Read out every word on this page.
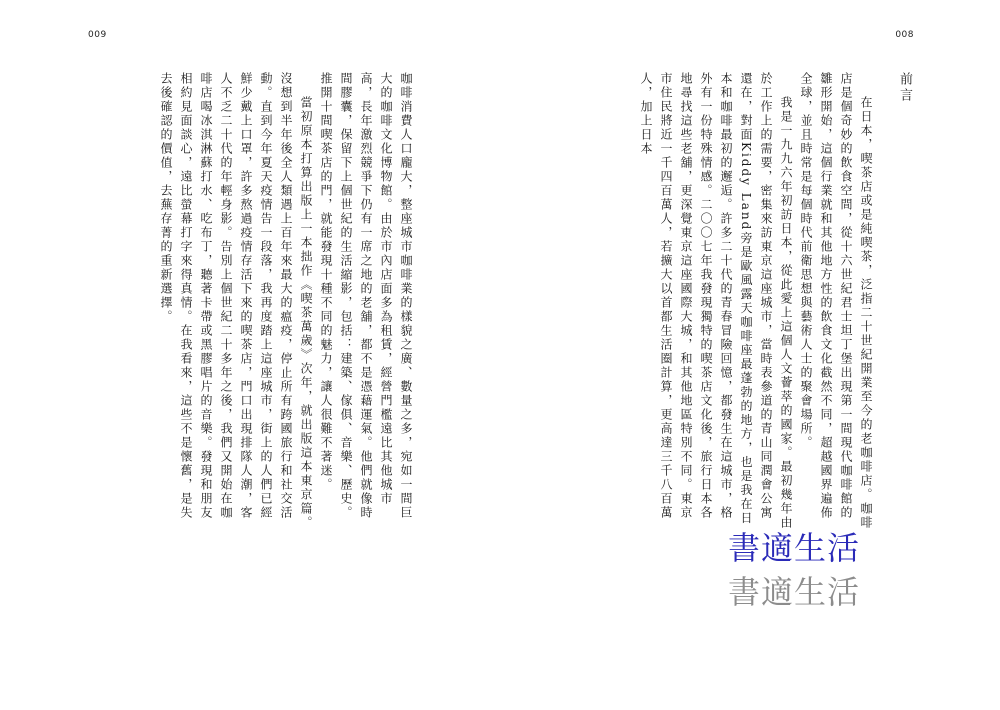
009	008
前言

在日本，喫茶店或是純喫茶，泛指二十世紀開業至今的老咖啡店。咖啡店是個奇妙的飲食空間，從十六世紀君士坦丁堡出現第一間現代咖啡館的雛形開始，這個行業就和其他地方性的飲食文化截然不同，超越國界遍佈全球，並且時常是每個時代前衛思想與藝術人士的聚會場所。

我是一九九六年初訪日本，從此愛上這個人文薈萃的國家。最初幾年由於工作上的需要，密集來訪東京這座城市，當時表參道的青山同潤會公寓還在，對面Kiddy Land旁是歐風露天咖啡座最蓬勃的地方，也是我在日本和咖啡最初的邂逅。許多二十代的青春冒險回憶，都發生在這城市，格外有一份特殊情感。二〇〇七年我發現獨特的喫茶店文化後，旅行日本各地尋找這些老舖，更深覺東京這座國際大城，和其他地區特別不同。東京市住民將近一千四百萬人，若擴大以首都生活圈計算，更高達三千八百萬人，加上日本

咖啡消費人口龐大，整座城市咖啡業的樣貌之廣、數量之多，宛如一間巨大的咖啡文化博物館。由於市內店面多為租賃，經營門檻遠比其他城市高，長年激烈競爭下仍有一席之地的老舖，都不是憑藉運氣。他們就像時間膠囊，保留下上個世紀的生活縮影，包括：建築、傢俱、音樂、歷史。推開十間喫茶店的門，就能發現十種不同的魅力，讓人很難不著迷。

當初原本打算出版上一本拙作《喫茶萬歲》次年，就出版這本東京篇。沒想到半年後全人類遇上百年來最大的瘟疫，停止所有跨國旅行和社交活動。直到今年夏天疫情告一段落，我再度踏上這座城市，街上的人們已經鮮少戴上口罩，許多熬過疫情存活下來的喫茶店，門口出現排隊人潮，客人不乏二十代的年輕身影。告別上個世紀二十多年之後，我們又開始在咖啡店喝冰淇淋蘇打水、吃布丁，聽著卡帶或黑膠唱片的音樂。發現和朋友相約見面談心，遠比螢幕打字來得真情。在我看來，這些不是懷舊，是失去後確認的價值，去蕪存菁的重新選擇。

書適生活
書適生活
